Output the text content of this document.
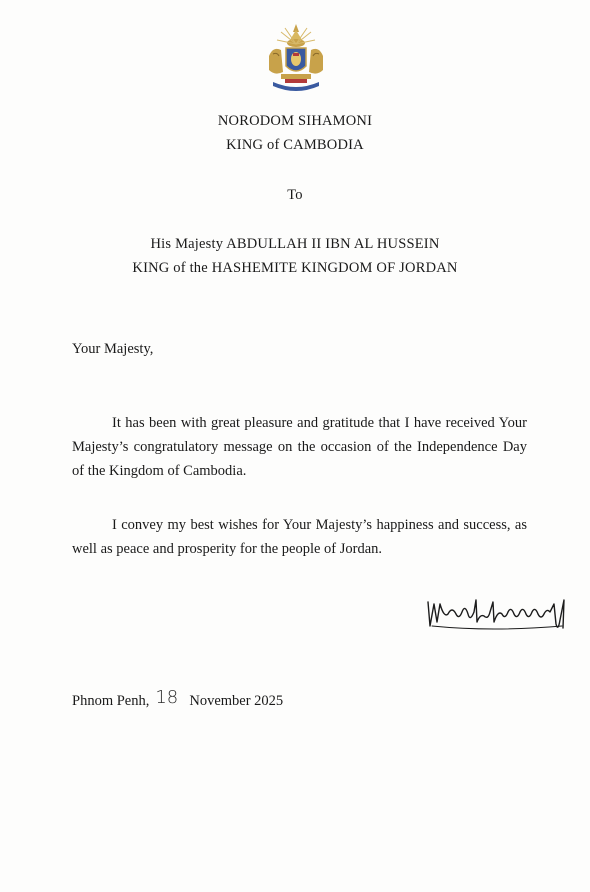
NORODOM SIHAMONI
KING of CAMBODIA
To
His Majesty ABDULLAH II IBN AL HUSSEIN
KING of the HASHEMITE KINGDOM OF JORDAN
Your Majesty,

It has been with great pleasure and gratitude that I have received Your Majesty’s congratulatory message on the occasion of the Independence Day of the Kingdom of Cambodia.

I convey my best wishes for Your Majesty’s happiness and success, as well as peace and prosperity for the people of Jordan.

Phnom Penh, 18 November 2025
